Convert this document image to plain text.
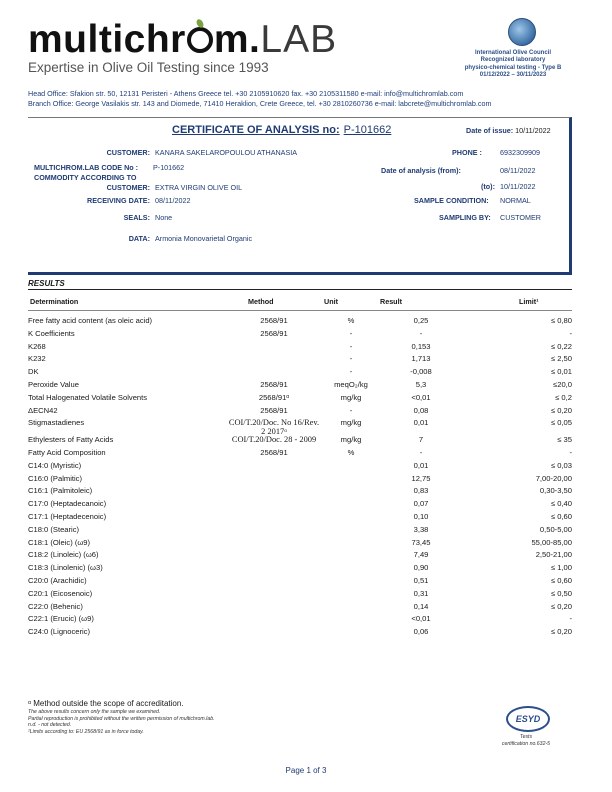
multichr m.LAB
Expertise in Olive Oil Testing since 1993
International Olive Council
Recognized laboratory
physico-chemical testing - Type B
01/12/2022 – 30/11/2023
Head Office: Sfakion str. 50, 12131 Peristeri - Athens Greece tel. +30 2105910620 fax. +30 2105311580 e-mail: info@multichromlab.com
Branch Office: George Vasilakis str. 143 and Diomede, 71410 Heraklion, Crete Greece, tel. +30 2810260736 e-mail: labcrete@multichromlab.com
CERTIFICATE OF ANALYSIS no: P-101662	Date of issue: 10/11/2022
CUSTOMER: KANARA SAKELAROPOULOU ATHANASIA	PHONE :	6932309909
MULTICHROM.LAB CODE No : P-101662	Date of analysis (from):	08/11/2022
COMMODITY ACCORDING TO
CUSTOMER: EXTRA VIRGIN OLIVE OIL	(to): 10/11/2022
RECEIVING DATE: 08/11/2022	SAMPLE CONDITION: NORMAL
SEALS: None	SAMPLING BY: CUSTOMER
DATA: Armonia Monovarietal Organic
RESULTS
Determination	Method	Unit	Result	Limit¹
Free fatty acid content (as oleic acid)	2568/91	%	0,25	≤ 0,80
K Coefficients	2568/91	-	-	-
K268		-	0,153	≤ 0,22
K232		-	1,713	≤ 2,50
DK		-	-0,008	≤ 0,01
Peroxide Value	2568/91	meqO₂/kg	5,3	≤20,0
Total Halogenated Volatile Solvents	2568/91ᵅ	mg/kg	<0,01	≤ 0,2
ΔECN42	2568/91	-	0,08	≤ 0,20
Stigmastadienes	COI/T.20/Doc. No 16/Rev. 2 2017ᵅ	mg/kg	0,01	≤ 0,05
Ethylesters of Fatty Acids	COI/T.20/Doc. 28 - 2009	mg/kg	7	≤ 35
Fatty Acid Composition	2568/91	%	-	-
C14:0 (Myristic)			0,01	≤ 0,03
C16:0 (Palmitic)			12,75	7,00-20,00
C16:1 (Palmitoleic)			0,83	0,30-3,50
C17:0 (Heptadecanoic)			0,07	≤ 0,40
C17:1 (Heptadecenoic)			0,10	≤ 0,60
C18:0 (Stearic)			3,38	0,50-5,00
C18:1 (Oleic) (ω9)			73,45	55,00-85,00
C18:2 (Linoleic) (ω6)			7,49	2,50-21,00
C18:3 (Linolenic) (ω3)			0,90	≤ 1,00
C20:0 (Arachidic)			0,51	≤ 0,60
C20:1 (Eicosenoic)			0,31	≤ 0,50
C22:0 (Behenic)			0,14	≤ 0,20
C22:1 (Erucic) (ω9)			<0,01	-
C24:0 (Lignoceric)			0,06	≤ 0,20
ᵅ Method outside the scope of accreditation.
The above results concern only the sample we examined.
Partial reproduction is prohibited without the written permission of multichrom.lab.
n.d. - not detected.
¹Limits according to: EU 2568/91 as in force today.
ESYD
Tests
certification no.632-5
Page 1 of 3
